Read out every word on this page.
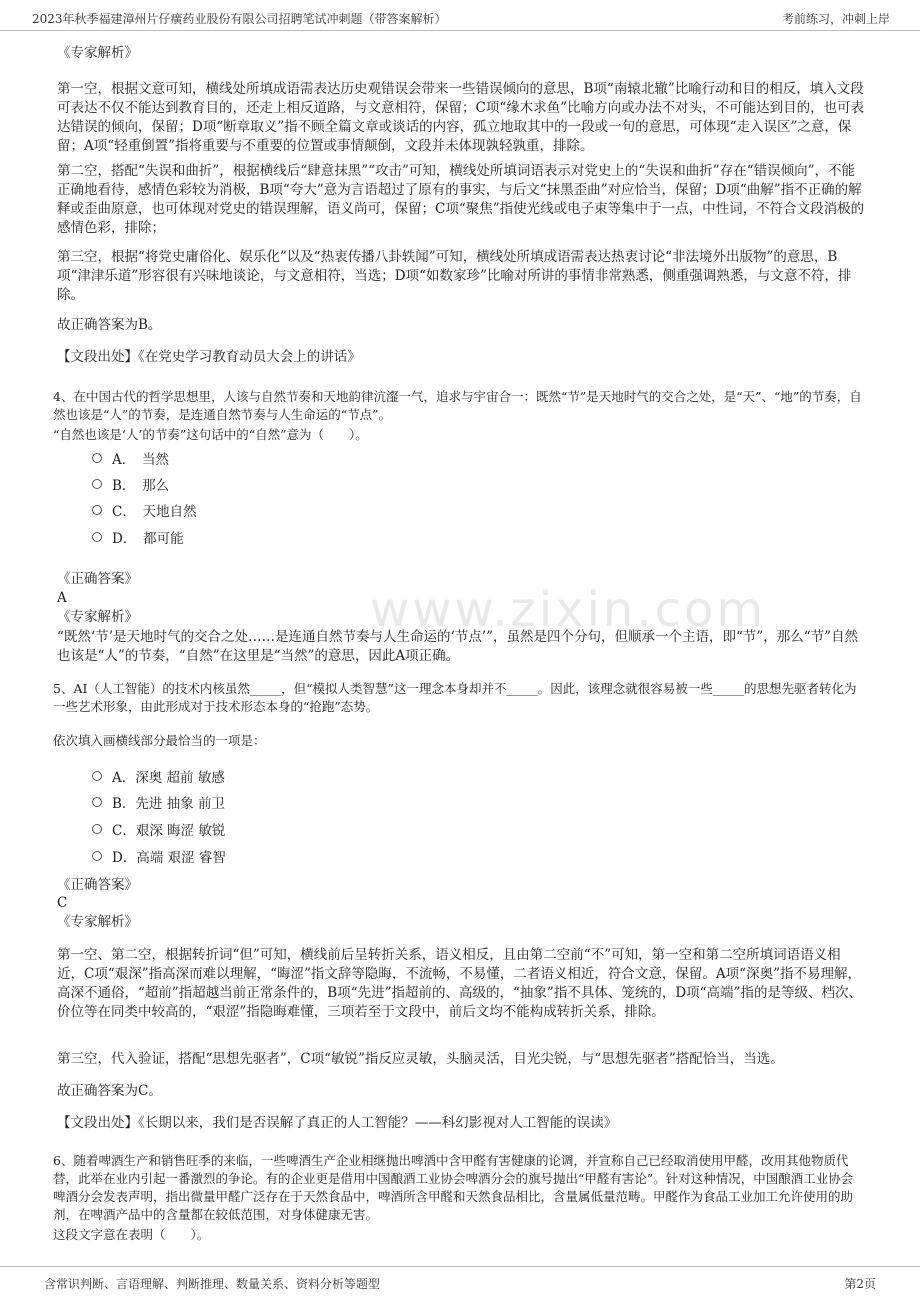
2023年秋季福建漳州片仔癀药业股份有限公司招聘笔试冲刺题（带答案解析）	考前练习，冲刺上岸
www.zixin.com
《专家解析》
第一空，根据文意可知，横线处所填成语需表达历史观错误会带来一些错误倾向的意思，B项“南辕北辙”比喻行动和目的相反，填入文段可表达不仅不能达到教育目的，还走上相反道路，与文意相符，保留；C项“缘木求鱼”比喻方向或办法不对头，不可能达到目的，也可表达错误的倾向，保留；D项“断章取义”指不顾全篇文章或谈话的内容，孤立地取其中的一段或一句的意思，可体现“走入误区”之意，保留；A项“轻重倒置”指将重要与不重要的位置或事情颠倒，文段并未体现孰轻孰重，排除。
第二空，搭配“失误和曲折”，根据横线后“肆意抹黑”“攻击”可知，横线处所填词语表示对党史上的“失误和曲折”存在“错误倾向”，不能正确地看待，感情色彩较为消极，B项“夸大”意为言语超过了原有的事实，与后文“抹黑歪曲”对应恰当，保留；D项“曲解”指不正确的解释或歪曲原意，也可体现对党史的错误理解，语义尚可，保留；C项“聚焦”指使光线或电子束等集中于一点，中性词，不符合文段消极的感情色彩，排除；
第三空，根据“将党史庸俗化、娱乐化”以及“热衷传播八卦轶闻”可知，横线处所填成语需表达热衷讨论“非法境外出版物”的意思，B项“津津乐道”形容很有兴味地谈论，与文意相符，当选；D项“如数家珍”比喻对所讲的事情非常熟悉，侧重强调熟悉，与文意不符，排除。
故正确答案为B。
【文段出处】《在党史学习教育动员大会上的讲话》
4、在中国古代的哲学思想里，人该与自然节奏和天地韵律沆瀣一气，追求与宇宙合一：既然“节”是天地时气的交合之处，是“天”、“地”的节奏，自然也该是“人”的节奏，是连通自然节奏与人生命运的“节点”。
“自然也该是‘人’的节奏”这句话中的“自然”意为（　　）。
A．　当然
B．　那么
C．　天地自然
D．　都可能
《正确答案》
A
《专家解析》
“既然‘节’是天地时气的交合之处……是连通自然节奏与人生命运的‘节点’”，虽然是四个分句，但顺承一个主语，即“节”，那么“节”自然也该是“人”的节奏，“自然”在这里是“当然”的意思，因此A项正确。
5、AI（人工智能）的技术内核虽然_____，但“模拟人类智慧”这一理念本身却并不_____。因此，该理念就很容易被一些_____的思想先驱者转化为一些艺术形象，由此形成对于技术形态本身的“抢跑”态势。
依次填入画横线部分最恰当的一项是：
A．深奥 超前 敏感
B．先进 抽象 前卫
C．艰深 晦涩 敏锐
D．高端 艰涩 睿智
《正确答案》
C
《专家解析》
第一空、第二空，根据转折词“但”可知，横线前后呈转折关系，语义相反，且由第二空前“不”可知，第一空和第二空所填词语语义相近，C项“艰深”指高深而难以理解，“晦涩”指文辞等隐晦，不流畅，不易懂，二者语义相近，符合文意，保留。A项“深奥”指不易理解，高深不通俗，“超前”指超越当前正常条件的，B项“先进”指超前的、高级的，“抽象”指不具体、笼统的，D项“高端”指的是等级、档次、价位等在同类中较高的，“艰涩”指隐晦难懂，三项若至于文段中，前后文均不能构成转折关系，排除。
第三空，代入验证，搭配“思想先驱者”，C项“敏锐”指反应灵敏，头脑灵活，目光尖锐，与“思想先驱者”搭配恰当，当选。
故正确答案为C。
【文段出处】《长期以来，我们是否误解了真正的人工智能？——科幻影视对人工智能的误读》
6、随着啤酒生产和销售旺季的来临，一些啤酒生产企业相继抛出啤酒中含甲醛有害健康的论调，并宣称自己已经取消使用甲醛，改用其他物质代替，此举在业内引起一番激烈的争论。有的企业更是借用中国酿酒工业协会啤酒分会的旗号抛出“甲醛有害论”。针对这种情况，中国酿酒工业协会啤酒分会发表声明，指出微量甲醛广泛存在于天然食品中，啤酒所含甲醛和天然食品相比，含量属低量范畴。甲醛作为食品工业加工允许使用的助剂，在啤酒产品中的含量都在较低范围，对身体健康无害。
这段文字意在表明（　　）。
含常识判断、言语理解、判断推理、数量关系、资料分析等题型	第2页
